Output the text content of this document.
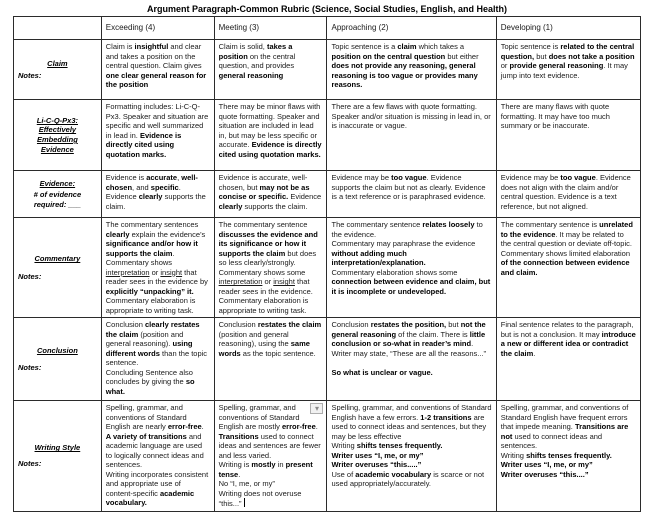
Argument Paragraph-Common Rubric (Science, Social Studies, English, and Health)
	Exceeding (4)	Meeting (3)	Approaching (2)	Developing (1)

Claim
Notes:	Claim is insightful and clear and takes a position on the central question. Claim gives one clear general reason for the position	Claim is solid, takes a position on the central question, and provides general reasoning	Topic sentence is a claim which takes a position on the central question but either does not provide any reasoning, general reasoning is too vague or provides many reasons.	Topic sentence is related to the central question, but does not take a position or provide general reasoning. It may jump into text evidence.

Li-C-Q-Px3:
Effectively
Embedding
Evidence	Formatting includes: Li-C-Q-Px3. Speaker and situation are specific and well summarized in lead in. Evidence is directly cited using quotation marks.	There may be minor flaws with quote formatting. Speaker and situation are included in lead in, but may be less specific or accurate. Evidence is directly cited using quotation marks.	There are a few flaws with quote formatting. Speaker and/or situation is missing in lead in, or is inaccurate or vague.	There are many flaws with quote formatting. It may have too much summary or be inaccurate.

Evidence:
# of evidence
required: ___	Evidence is accurate, well-chosen, and specific. Evidence clearly supports the claim.	Evidence is accurate, well-chosen, but may not be as concise or specific. Evidence clearly supports the claim.	Evidence may be too vague. Evidence supports the claim but not as clearly. Evidence is a text reference or is paraphrased evidence.	Evidence may be too vague. Evidence does not align with the claim and/or central question. Evidence is a text reference, but not aligned.

Commentary
Notes:
	The commentary sentences clearly explain the evidence’s significance and/or how it supports the claim. Commentary shows interpretation or insight that reader sees in the evidence by explicitly “unpacking” it. Commentary elaboration is appropriate to writing task.	The commentary sentence discusses the evidence and its significance or how it supports the claim but does so less clearly/strongly.
Commentary shows some interpretation or insight that reader sees in the evidence.
Commentary elaboration is appropriate to writing task.	The commentary sentence relates loosely to the evidence.
Commentary may paraphrase the evidence without adding much interpretation/explanation.
Commentary elaboration shows some connection between evidence and claim, but it is incomplete or undeveloped.	The commentary sentence is unrelated to the evidence. It may be related to the central question or deviate off-topic.
Commentary shows limited elaboration of the connection between evidence and claim.

Conclusion
Notes:
	Conclusion clearly restates the claim (position and general reasoning). using different words than the topic sentence.
Concluding Sentence also concludes by giving the so what.	Conclusion restates the claim (position and general reasoning), using the same words as the topic sentence.	Conclusion restates the position, but not the general reasoning of the claim. There is little conclusion or so-what in reader’s mind. Writer may state, “These are all the reasons...”

So what is unclear or vague.	Final sentence relates to the paragraph, but is not a conclusion. It may introduce a new or different idea or contradict the claim.

Writing Style
Notes:
	Spelling, grammar, and conventions of Standard English are nearly error-free. A variety of transitions and academic language are used to logically connect ideas and sentences.
Writing incorporates consistent and appropriate use of content-specific academic vocabulary.	
▾
Spelling, grammar, and conventions of Standard English are mostly error-free. Transitions used to connect ideas and sentences are fewer and less varied.
Writing is mostly in present tense.
No “I, me, or my”
Writing does not overuse “this...”
	Spelling, grammar, and conventions of Standard English have a few errors. 1-2 transitions are used to connect ideas and sentences, but they may be less effective
Writing shifts tenses frequently.
Writer uses “I, me, or my”
Writer overuses “this.....”
Use of academic vocabulary is scarce or not used appropriately/accurately.	Spelling, grammar, and conventions of Standard English have frequent errors that impede meaning. Transitions are not used to connect ideas and sentences.
Writing shifts tenses frequently.
Writer uses “I, me, or my”
Writer overuses “this....”
